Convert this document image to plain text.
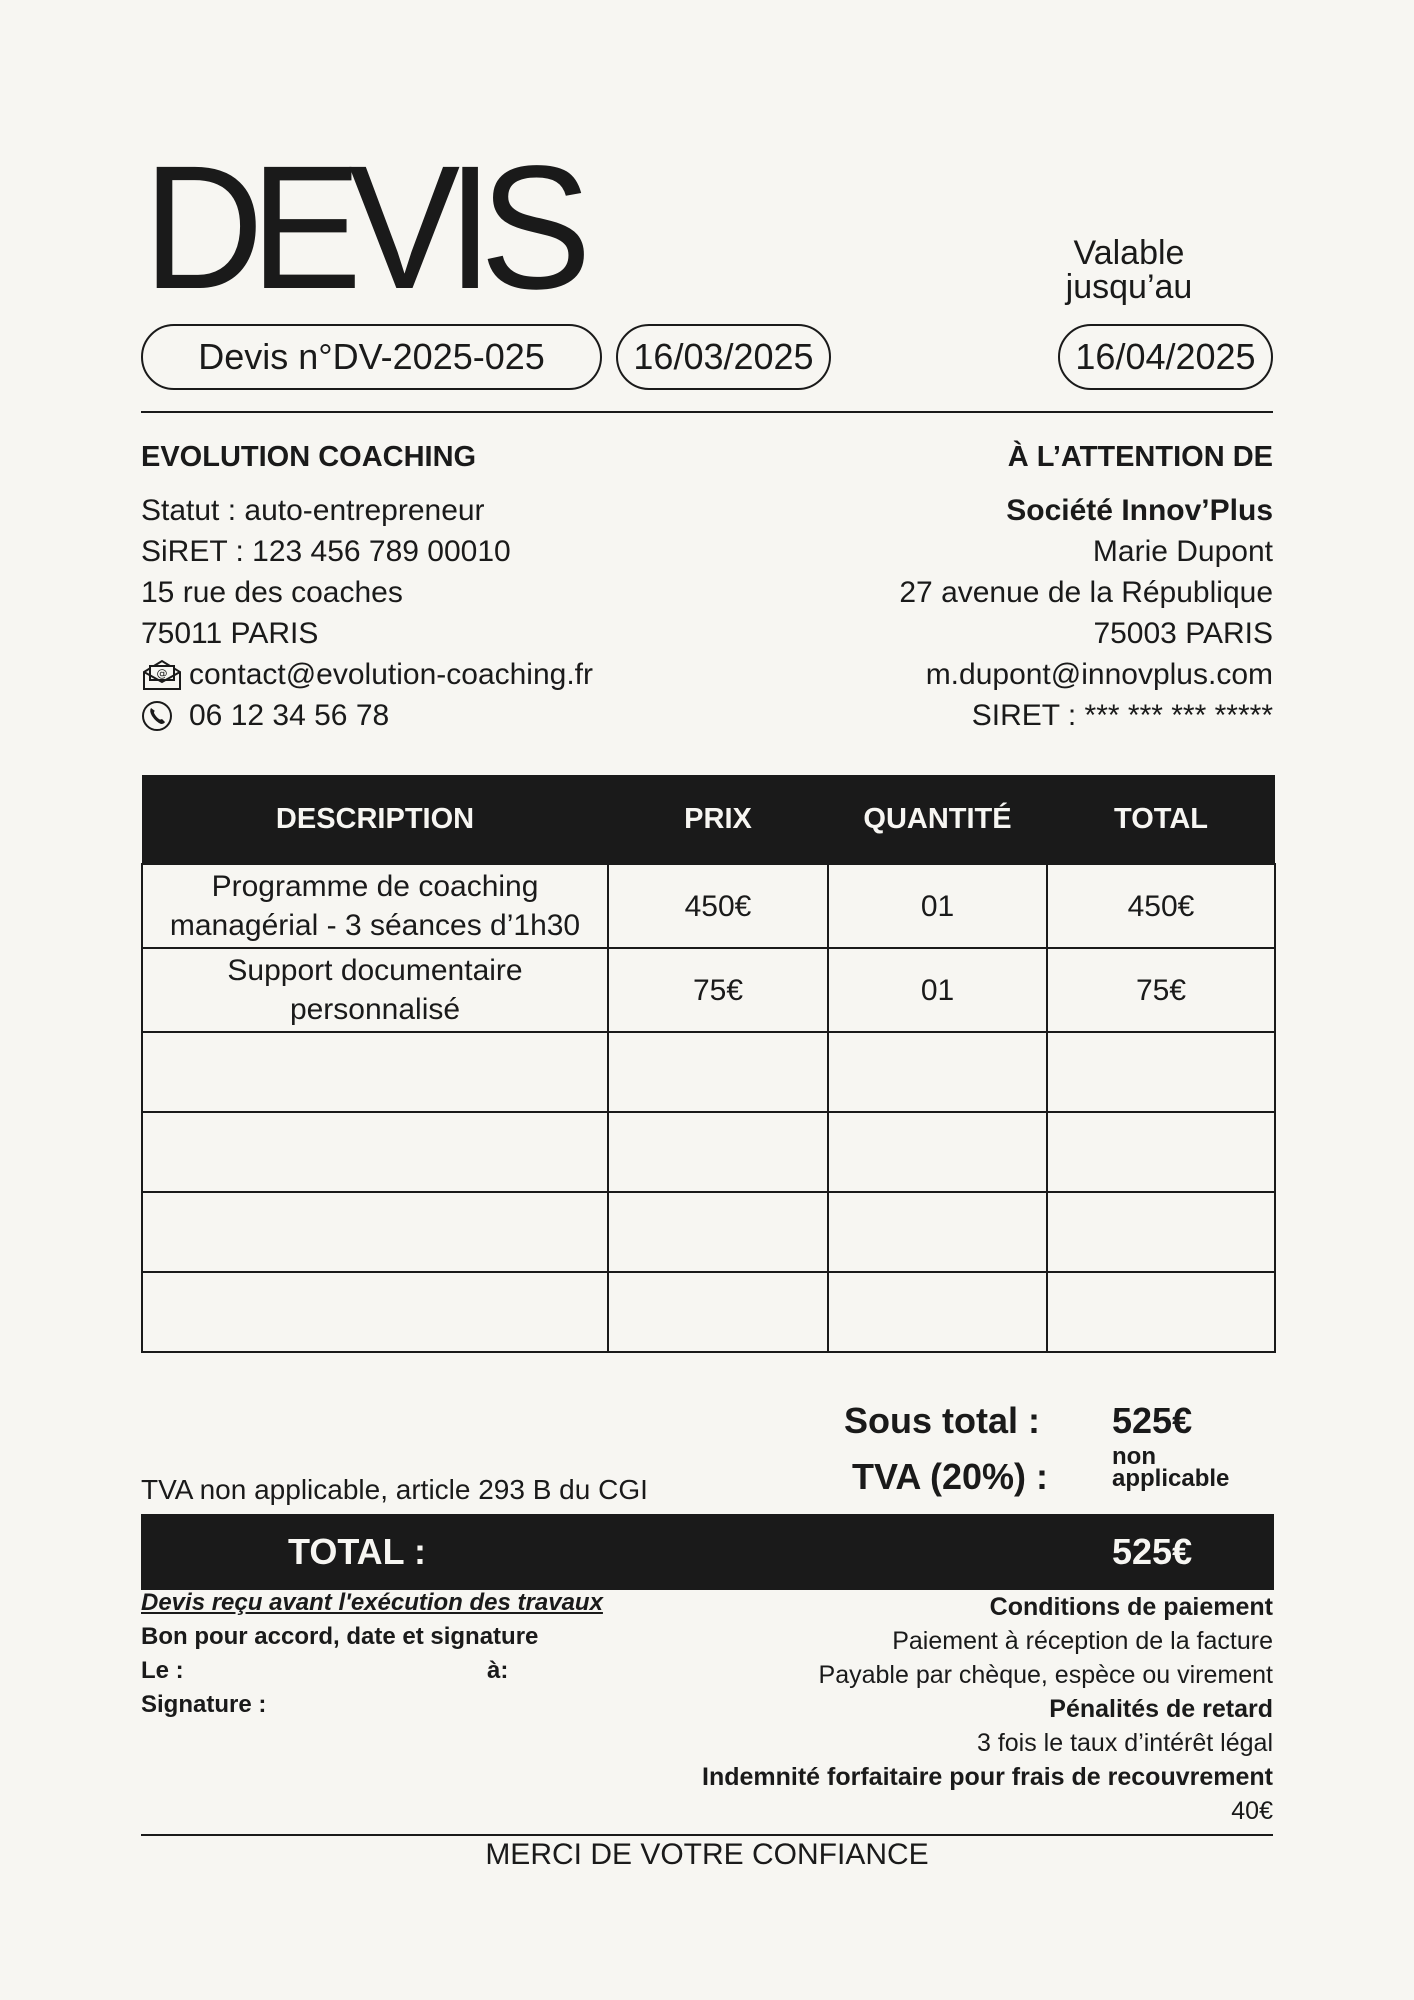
DEVIS	Valable jusqu’au
Devis n°DV-2025-025	16/03/2025	16/04/2025
EVOLUTION COACHING
Statut : auto-entrepreneur
SiRET : 123 456 789 00010
15 rue des coaches
75011 PARIS
@ contact@evolution-coaching.fr
06 12 34 56 78
À L’ATTENTION DE
Société Innov’Plus
Marie Dupont
27 avenue de la République
75003 PARIS
m.dupont@innovplus.com
SIRET : *** *** *** *****
DESCRIPTION	PRIX	QUANTITÉ	TOTAL
Programme de coaching managérial - 3 séances d’1h30	450€	01	450€
Support documentaire personnalisé	75€	01	75€

TVA non applicable, article 293 B du CGI
Sous total : 525€
TVA (20%) :	non applicable
TOTAL :	525€
Devis reçu avant l'exécution des travaux
Bon pour accord, date et signature
Le :	à:
Signature :
Conditions de paiement
Paiement à réception de la facture
Payable par chèque, espèce ou virement
Pénalités de retard
3 fois le taux d’intérêt légal
Indemnité forfaitaire pour frais de recouvrement
40€
MERCI DE VOTRE CONFIANCE
